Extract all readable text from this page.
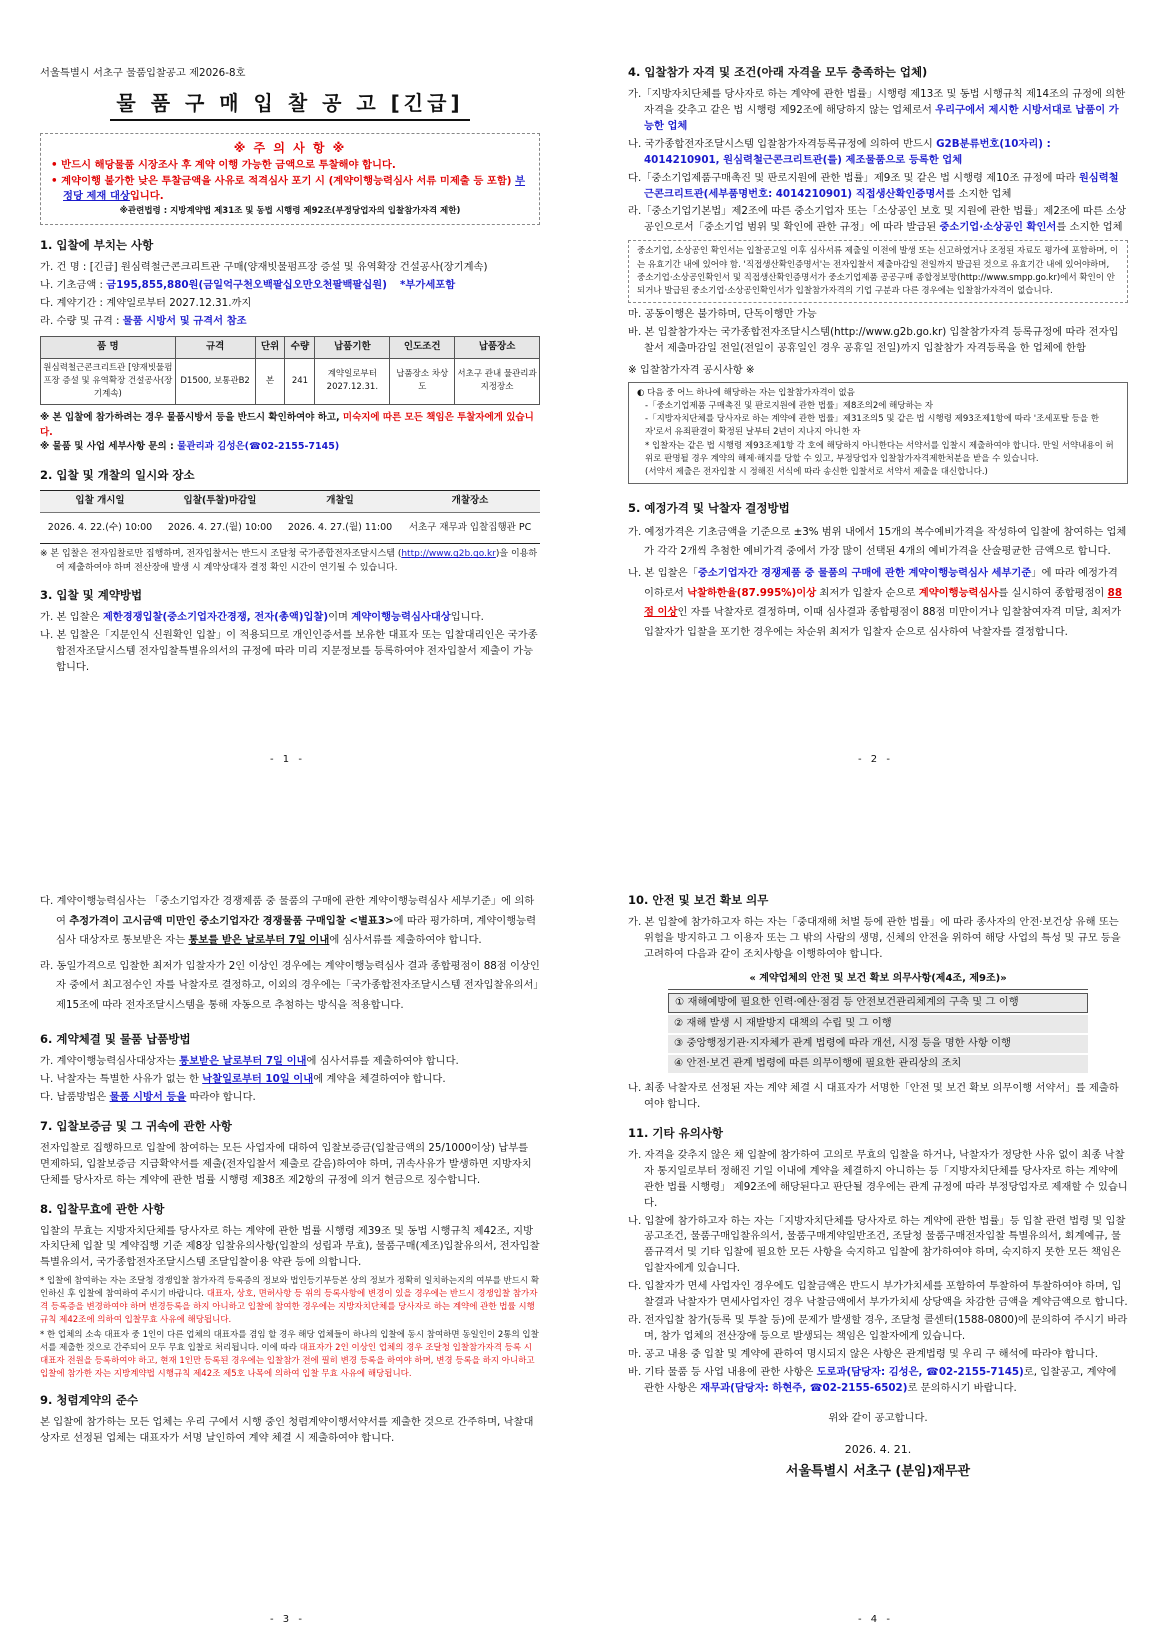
서울특별시 서초구 물품입찰공고 제2026-8호
물 품 구 매 입 찰 공 고 [긴급]
※ 주 의 사 항 ※
• 반드시 해당물품 시장조사 후 계약 이행 가능한 금액으로 투찰해야 합니다.
• 계약이행 불가한 낮은 투찰금액을 사유로 적격심사 포기 시 (계약이행능력심사 서류 미제출 등 포함) 부정당 제재 대상입니다.
※관련법령 : 지방계약법 제31조 및 동법 시행령 제92조(부정당업자의 입찰참가자격 제한)
1. 입찰에 부치는 사항
가. 건 명 : [긴급] 원심력철근콘크리트관 구매(양재빗물펌프장 증설 및 유역확장 건설공사(장기계속)
나. 기초금액 : 금195,855,880원(금일억구천오백팔십오만오천팔백팔십원) *부가세포함
다. 계약기간 : 계약일로부터 2027.12.31.까지
라. 수량 및 규격 : 물품 시방서 및 규격서 참조
품 명	규격	단위	수량	납품기한	인도조건	납품장소
원심력철근콘크리트관 [양재빗물펌프장 증설 및 유역확장 건설공사(장기계속)	D1500, 보통관B2	본	241	계약일로부터 2027.12.31.	납품장소 차상도	서초구 관내 물관리과 지정장소
※ 본 입찰에 참가하려는 경우 물품시방서 등을 반드시 확인하여야 하고, 미숙지에 따른 모든 책임은 투찰자에게 있습니다.
※ 물품 및 사업 세부사항 문의 : 물관리과 김성은(☎02-2155-7145)
2. 입찰 및 개찰의 일시와 장소
입찰 개시일	입찰(투찰)마감일	개찰일	개찰장소
2026. 4. 22.(수) 10:00	2026. 4. 27.(월) 10:00	2026. 4. 27.(월) 11:00	서초구 재무과 입찰집행관 PC
※ 본 입찰은 전자입찰로만 집행하며, 전자입찰서는 반드시 조달청 국가종합전자조달시스템 (http://www.g2b.go.kr)을 이용하여 제출하여야 하며 전산장애 발생 시 계약상대자 결정 확인 시간이 연기될 수 있습니다.
3. 입찰 및 계약방법
가. 본 입찰은 제한경쟁입찰(중소기업자간경쟁, 전자(총액)입찰)이며 계약이행능력심사대상입니다.
나. 본 입찰은「지문인식 신원확인 입찰」이 적용되므로 개인인증서를 보유한 대표자 또는 입찰대리인은 국가종합전자조달시스템 전자입찰특별유의서의 규정에 따라 미리 지문정보를 등록하여야 전자입찰서 제출이 가능합니다.
- 1 -
4. 입찰참가 자격 및 조건(아래 자격을 모두 충족하는 업체)
가.「지방자치단체를 당사자로 하는 계약에 관한 법률」시행령 제13조 및 동법 시행규칙 제14조의 규정에 의한 자격을 갖추고 같은 법 시행령 제92조에 해당하지 않는 업체로서 우리구에서 제시한 시방서대로 납품이 가능한 업체
나. 국가종합전자조달시스템 입찰참가자격등록규정에 의하여 반드시 G2B분류번호(10자리) : 4014210901, 원심력철근콘크리트관(를) 제조물품으로 등록한 업체
다.「중소기업제품구매촉진 및 판로지원에 관한 법률」제9조 및 같은 법 시행령 제10조 규정에 따라 원심력철근콘크리트관(세부품명번호: 4014210901) 직접생산확인증명서를 소지한 업체
라.「중소기업기본법」제2조에 따른 중소기업자 또는「소상공인 보호 및 지원에 관한 법률」제2조에 따른 소상공인으로서「중소기업 범위 및 확인에 관한 규정」에 따라 발급된 중소기업·소상공인 확인서를 소지한 업체
중소기업, 소상공인 확인서는 입찰공고일 이후 심사서류 제출일 이전에 발생 또는 신고하였거나 조정된 자료도 평가에 포함하며, 이는 유효기간 내에 있어야 함. '직접생산확인증명서'는 전자입찰서 제출마감일 전일까지 발급된 것으로 유효기간 내에 있어야하며, 중소기업·소상공인확인서 및 직접생산확인증명서가 중소기업제품 공공구매 종합정보망(http://www.smpp.go.kr)에서 확인이 안 되거나 발급된 중소기업·소상공인확인서가 입찰참가자격의 기업 구분과 다른 경우에는 입찰참가자격이 없습니다.
마. 공동이행은 불가하며, 단독이행만 가능
바. 본 입찰참가자는 국가종합전자조달시스템(http://www.g2b.go.kr) 입찰참가자격 등록규정에 따라 전자입찰서 제출마감일 전일(전일이 공휴일인 경우 공휴일 전일)까지 입찰참가 자격등록을 한 업체에 한함
※ 입찰참가자격 공시사항 ※
◐ 다음 중 어느 하나에 해당하는 자는 입찰참가자격이 없음
-「중소기업제품 구매촉진 및 판로지원에 관한 법률」제8조의2에 해당하는 자
-「지방자치단체를 당사자로 하는 계약에 관한 법률」제31조의5 및 같은 법 시행령 제93조제1항에 따라 '조세포탈 등을 한 자'로서 유죄판결이 확정된 날부터 2년이 지나지 아니한 자
* 입찰자는 같은 법 시행령 제93조제1항 각 호에 해당하지 아니한다는 서약서를 입찰시 제출하여야 합니다. 만일 서약내용이 허위로 판명될 경우 계약의 해제·해지를 당할 수 있고, 부정당업자 입찰참가자격제한처분을 받을 수 있습니다.
(서약서 제출은 전자입찰 시 정해진 서식에 따라 송신한 입찰서로 서약서 제출을 대신합니다.)
5. 예정가격 및 낙찰자 결정방법
가. 예정가격은 기초금액을 기준으로 ±3% 범위 내에서 15개의 복수예비가격을 작성하여 입찰에 참여하는 업체가 각각 2개씩 추첨한 예비가격 중에서 가장 많이 선택된 4개의 예비가격을 산술평균한 금액으로 합니다.
나. 본 입찰은「중소기업자간 경쟁제품 중 물품의 구매에 관한 계약이행능력심사 세부기준」에 따라 예정가격 이하로서 낙찰하한율(87.995%)이상 최저가 입찰자 순으로 계약이행능력심사를 실시하여 종합평점이 88점 이상인 자를 낙찰자로 결정하며, 이때 심사결과 종합평점이 88점 미만이거나 입찰참여자격 미달, 최저가 입찰자가 입찰을 포기한 경우에는 차순위 최저가 입찰자 순으로 심사하여 낙찰자를 결정합니다.
- 2 -
다. 계약이행능력심사는 「중소기업자간 경쟁제품 중 물품의 구매에 관한 계약이행능력심사 세부기준」에 의하여 추정가격이 고시금액 미만인 중소기업자간 경쟁물품 구매입찰 <별표3>에 따라 평가하며, 계약이행능력심사 대상자로 통보받은 자는 통보를 받은 날로부터 7일 이내에 심사서류를 제출하여야 합니다.
라. 동일가격으로 입찰한 최저가 입찰자가 2인 이상인 경우에는 계약이행능력심사 결과 종합평점이 88점 이상인 자 중에서 최고점수인 자를 낙찰자로 결정하고, 이외의 경우에는「국가종합전자조달시스템 전자입찰유의서」제15조에 따라 전자조달시스템을 통해 자동으로 추첨하는 방식을 적용합니다.
6. 계약체결 및 물품 납품방법
가. 계약이행능력심사대상자는 통보받은 날로부터 7일 이내에 심사서류를 제출하여야 합니다.
나. 낙찰자는 특별한 사유가 없는 한 낙찰일로부터 10일 이내에 계약을 체결하여야 합니다.
다. 납품방법은 물품 시방서 등을 따라야 합니다.
7. 입찰보증금 및 그 귀속에 관한 사항
전자입찰로 집행하므로 입찰에 참여하는 모든 사업자에 대하여 입찰보증금(입찰금액의 25/1000이상) 납부를 면제하되, 입찰보증금 지급확약서를 제출(전자입찰서 제출로 갈음)하여야 하며, 귀속사유가 발생하면 지방자치단체를 당사자로 하는 계약에 관한 법률 시행령 제38조 제2항의 규정에 의거 현금으로 징수합니다.
8. 입찰무효에 관한 사항
입찰의 무효는 지방자치단체를 당사자로 하는 계약에 관한 법률 시행령 제39조 및 동법 시행규칙 제42조, 지방자치단체 입찰 및 계약집행 기준 제8장 입찰유의사항(입찰의 성립과 무효), 물품구매(제조)입찰유의서, 전자입찰특별유의서, 국가종합전자조달시스템 조달입찰이용 약관 등에 의합니다.
* 입찰에 참여하는 자는 조달청 경쟁입찰 참가자격 등록증의 정보와 법인등기부등본 상의 정보가 정확히 일치하는지의 여부를 반드시 확인하신 후 입찰에 참여하여 주시기 바랍니다. 대표자, 상호, 면허사항 등 위의 등록사항에 변경이 있을 경우에는 반드시 경쟁입찰 참가자격 등록증을 변경하여야 하며 변경등록을 하지 아니하고 입찰에 참여한 경우에는 지방자치단체를 당사자로 하는 계약에 관한 법률 시행규칙 제42조에 의하여 입찰무효 사유에 해당됩니다.
* 한 업체의 소속 대표자 중 1인이 다른 업체의 대표자를 겸임 할 경우 해당 업체들이 하나의 입찰에 동시 참여하면 동일인이 2통의 입찰서를 제출한 것으로 간주되어 모두 무효 입찰로 처리됩니다. 이에 따라 대표자가 2인 이상인 업체의 경우 조달청 입찰참가자격 등록 시 대표자 전원을 등록하여야 하고, 현재 1인만 등록된 경우에는 입찰참가 전에 필히 변경 등록을 하여야 하며, 변경 등록을 하지 아니하고 입찰에 참가한 자는 지방계약법 시행규칙 제42조 제5호 나목에 의하여 입찰 무효 사유에 해당됩니다.
9. 청렴계약의 준수
본 입찰에 참가하는 모든 업체는 우리 구에서 시행 중인 청렴계약이행서약서를 제출한 것으로 간주하며, 낙찰대상자로 선정된 업체는 대표자가 서명 날인하여 계약 체결 시 제출하여야 합니다.
- 3 -
10. 안전 및 보건 확보 의무
가. 본 입찰에 참가하고자 하는 자는「중대재해 처벌 등에 관한 법률」에 따라 종사자의 안전·보건상 유해 또는 위험을 방지하고 그 이용자 또는 그 밖의 사람의 생명, 신체의 안전을 위하여 해당 사업의 특성 및 규모 등을 고려하여 다음과 같이 조치사항을 이행하여야 합니다.
« 계약업체의 안전 및 보건 확보 의무사항(제4조, 제9조)»
① 재해예방에 필요한 인력·예산·점검 등 안전보건관리체계의 구축 및 그 이행
② 재해 발생 시 재발방지 대책의 수립 및 그 이행
③ 중앙행정기관·지자체가 관계 법령에 따라 개선, 시정 등을 명한 사항 이행
④ 안전·보건 관계 법령에 따른 의무이행에 필요한 관리상의 조치
나. 최종 낙찰자로 선정된 자는 계약 체결 시 대표자가 서명한「안전 및 보건 확보 의무이행 서약서」를 제출하여야 합니다.
11. 기타 유의사항
가. 자격을 갖추지 않은 채 입찰에 참가하여 고의로 무효의 입찰을 하거나, 낙찰자가 정당한 사유 없이 최종 낙찰자 통지일로부터 정해진 기일 이내에 계약을 체결하지 아니하는 등「지방자치단체를 당사자로 하는 계약에 관한 법률 시행령」 제92조에 해당된다고 판단될 경우에는 관계 규정에 따라 부정당업자로 제재할 수 있습니다.
나. 입찰에 참가하고자 하는 자는「지방자치단체를 당사자로 하는 계약에 관한 법률」등 입찰 관련 법령 및 입찰공고조건, 물품구매입찰유의서, 물품구매계약일반조건, 조달청 물품구매전자입찰 특별유의서, 회계예규, 물품규격서 및 기타 입찰에 필요한 모든 사항을 숙지하고 입찰에 참가하여야 하며, 숙지하지 못한 모든 책임은 입찰자에게 있습니다.
다. 입찰자가 면세 사업자인 경우에도 입찰금액은 반드시 부가가치세를 포함하여 투찰하여 투찰하여야 하며, 입찰결과 낙찰자가 면세사업자인 경우 낙찰금액에서 부가가치세 상당액을 차감한 금액을 계약금액으로 합니다.
라. 전자입찰 참가(등록 및 투찰 등)에 문제가 발생할 경우, 조달청 콜센터(1588-0800)에 문의하여 주시기 바라며, 참가 업체의 전산장애 등으로 발생되는 책임은 입찰자에게 있습니다.
마. 공고 내용 중 입찰 및 계약에 관하여 명시되지 않은 사항은 관계법령 및 우리 구 해석에 따라야 합니다.
바. 기타 물품 등 사업 내용에 관한 사항은 도로과(담당자: 김성은, ☎02-2155-7145)로, 입찰공고, 계약에 관한 사항은 재무과(담당자: 하현주, ☎02-2155-6502)로 문의하시기 바랍니다.
위와 같이 공고합니다.
2026. 4. 21.
서울특별시 서초구 (분임)재무관
- 4 -
